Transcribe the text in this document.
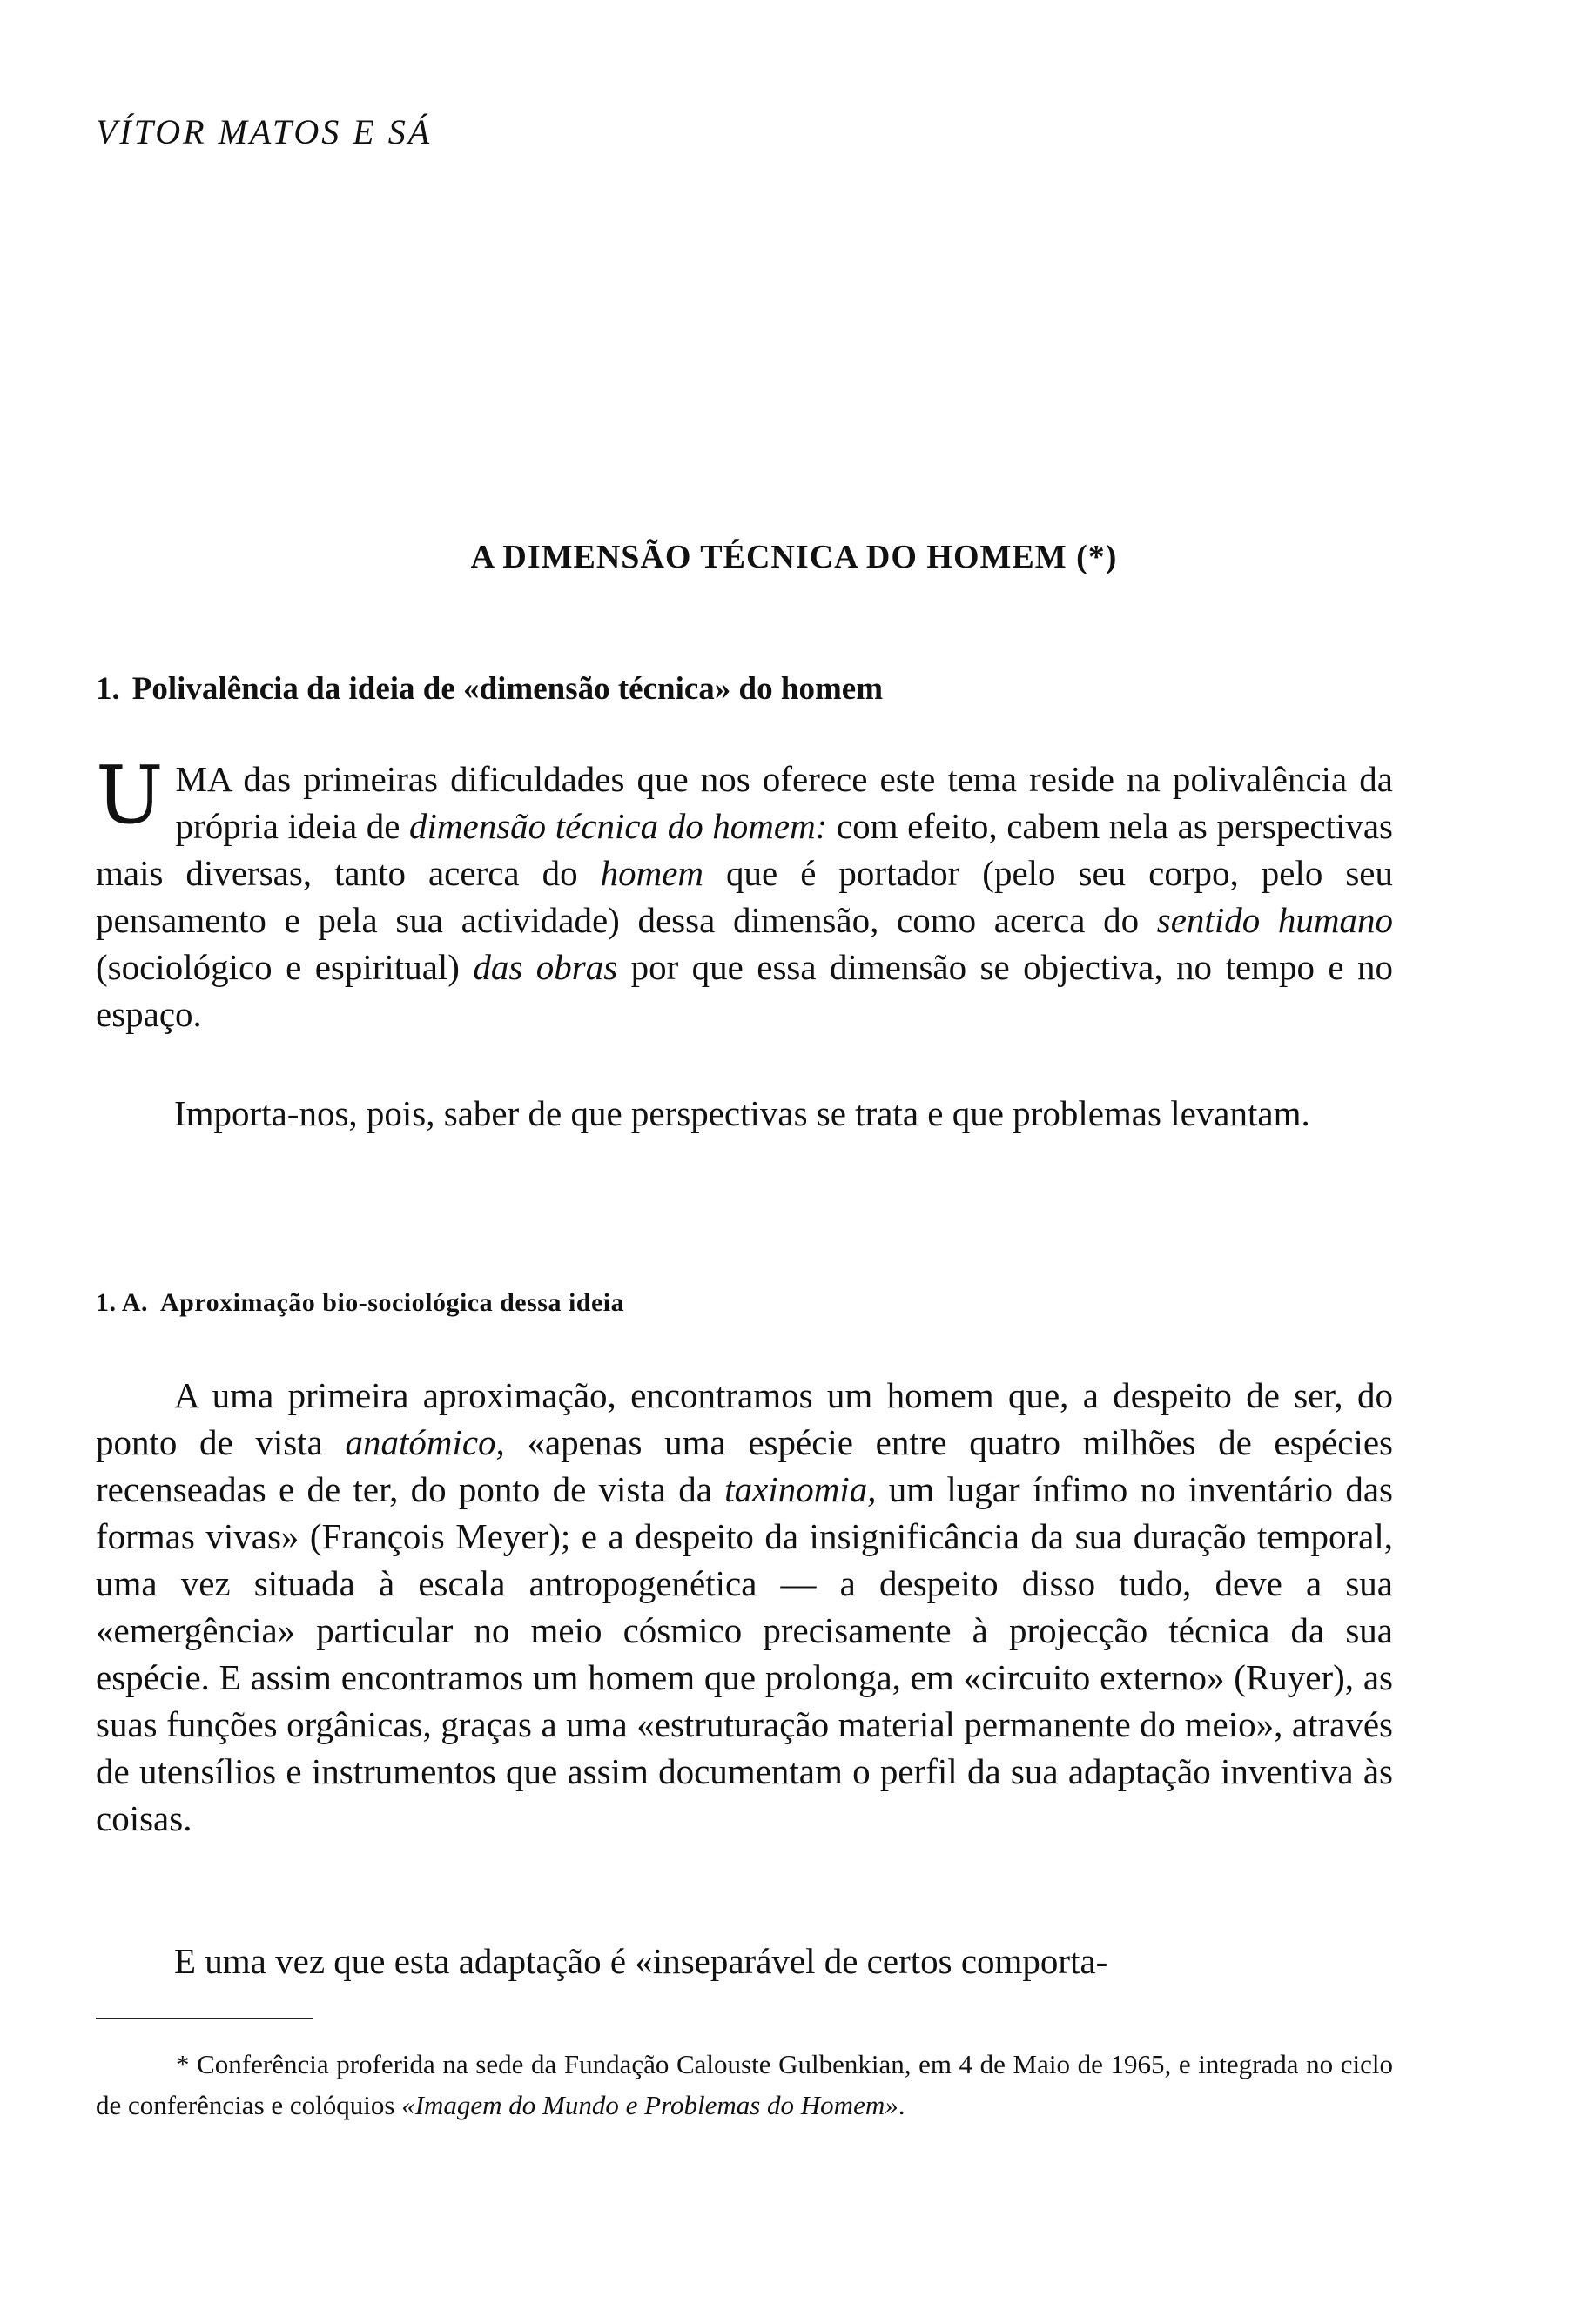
VÍTOR MATOS E SÁ
A DIMENSÃO TÉCNICA DO HOMEM (*)
1. Polivalência da ideia de «dimensão técnica» do homem
UMA das primeiras dificuldades que nos oferece este tema reside na polivalência da própria ideia de dimensão técnica do homem: com efeito, cabem nela as perspectivas mais diversas, tanto acerca do homem que é portador (pelo seu corpo, pelo seu pensamento e pela sua actividade) dessa dimensão, como acerca do sentido humano (sociológico e espiritual) das obras por que essa dimensão se objectiva, no tempo e no espaço.
Importa-nos, pois, saber de que perspectivas se trata e que problemas levantam.
1. A. Aproximação bio-sociológica dessa ideia
A uma primeira aproximação, encontramos um homem que, a despeito de ser, do ponto de vista anatómico, «apenas uma espécie entre quatro milhões de espécies recenseadas e de ter, do ponto de vista da taxinomia, um lugar ínfimo no inventário das formas vivas» (François Meyer); e a despeito da insignificância da sua duração temporal, uma vez situada à escala antropogenética — a despeito disso tudo, deve a sua «emergência» particular no meio cósmico precisamente à projecção técnica da sua espécie. E assim encontramos um homem que prolonga, em «circuito externo» (Ruyer), as suas funções orgânicas, graças a uma «estruturação material permanente do meio», através de utensílios e instrumentos que assim documentam o perfil da sua adaptação inventiva às coisas.
E uma vez que esta adaptação é «inseparável de certos comporta-
* Conferência proferida na sede da Fundação Calouste Gulbenkian, em 4 de Maio de 1965, e integrada no ciclo de conferências e colóquios «Imagem do Mundo e Problemas do Homem».
